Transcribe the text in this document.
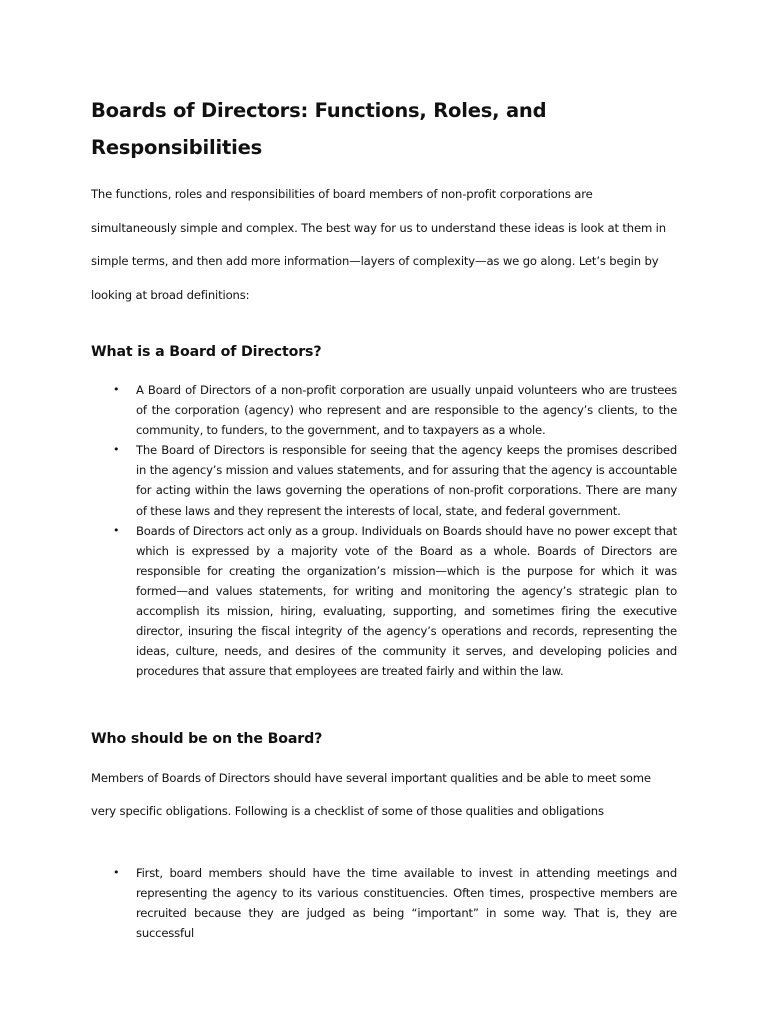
Boards of Directors: Functions, Roles, and Responsibilities

The functions, roles and responsibilities of board members of non-profit corporations are simultaneously simple and complex. The best way for us to understand these ideas is look at them in simple terms, and then add more information—layers of complexity—as we go along. Let’s begin by looking at broad definitions:

What is a Board of Directors?
• A Board of Directors of a non-profit corporation are usually unpaid volunteers who are trustees of the corporation (agency) who represent and are responsible to the agency’s clients, to the community, to funders, to the government, and to taxpayers as a whole.
• The Board of Directors is responsible for seeing that the agency keeps the promises described in the agency’s mission and values statements, and for assuring that the agency is accountable for acting within the laws governing the operations of non-profit corporations. There are many of these laws and they represent the interests of local, state, and federal government.
• Boards of Directors act only as a group. Individuals on Boards should have no power except that which is expressed by a majority vote of the Board as a whole. Boards of Directors are responsible for creating the organization’s mission—which is the purpose for which it was formed—and values statements, for writing and monitoring the agency’s strategic plan to accomplish its mission, hiring, evaluating, supporting, and sometimes firing the executive director, insuring the fiscal integrity of the agency’s operations and records, representing the ideas, culture, needs, and desires of the community it serves, and developing policies and procedures that assure that employees are treated fairly and within the law.
Who should be on the Board?

Members of Boards of Directors should have several important qualities and be able to meet some very specific obligations. Following is a checklist of some of those qualities and obligations

• First, board members should have the time available to invest in attending meetings and representing the agency to its various constituencies. Often times, prospective members are recruited because they are judged as being “important” in some way. That is, they are successful
